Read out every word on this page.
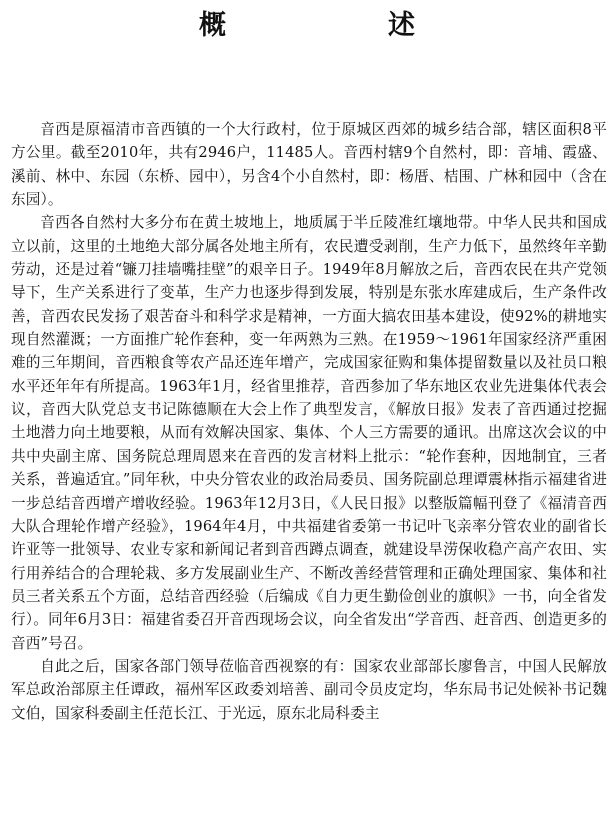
概　　述

音西是原福清市音西镇的一个大行政村，位于原城区西郊的城乡结合部，辖区面积8平方公里。截至2010年，共有2946户，11485人。音西村辖9个自然村，即：音埔、霞盛、溪前、林中、东园（东桥、园中），另含4个小自然村，即：杨厝、桔围、广林和园中（含在东园）。

音西各自然村大多分布在黄土坡地上，地质属于半丘陵准红壤地带。中华人民共和国成立以前，这里的土地绝大部分属各处地主所有，农民遭受剥削，生产力低下，虽然终年辛勤劳动，还是过着“镰刀挂墙嘴挂壁”的艰辛日子。1949年8月解放之后，音西农民在共产党领导下，生产关系进行了变革，生产力也逐步得到发展，特别是东张水库建成后，生产条件改善，音西农民发扬了艰苦奋斗和科学求是精神，一方面大搞农田基本建设，使92%的耕地实现自然灌溉；一方面推广轮作套种，变一年两熟为三熟。在1959～1961年国家经济严重困难的三年期间，音西粮食等农产品还连年增产，完成国家征购和集体提留数量以及社员口粮水平还年年有所提高。1963年1月，经省里推荐，音西参加了华东地区农业先进集体代表会议，音西大队党总支书记陈德顺在大会上作了典型发言，《解放日报》发表了音西通过挖掘土地潜力向土地要粮，从而有效解决国家、集体、个人三方需要的通讯。出席这次会议的中共中央副主席、国务院总理周恩来在音西的发言材料上批示：“轮作套种，因地制宜，三者关系，普遍适宜。”同年秋，中央分管农业的政治局委员、国务院副总理谭震林指示福建省进一步总结音西增产增收经验。1963年12月3日，《人民日报》以整版篇幅刊登了《福清音西大队合理轮作增产经验》，1964年4月，中共福建省委第一书记叶飞亲率分管农业的副省长许亚等一批领导、农业专家和新闻记者到音西蹲点调查，就建设旱涝保收稳产高产农田、实行用养结合的合理轮栽、多方发展副业生产、不断改善经营管理和正确处理国家、集体和社员三者关系五个方面，总结音西经验（后编成《自力更生勤俭创业的旗帜》一书，向全省发行）。同年6月3日：福建省委召开音西现场会议，向全省发出“学音西、赶音西、创造更多的音西”号召。

自此之后，国家各部门领导莅临音西视察的有：国家农业部部长廖鲁言，中国人民解放军总政治部原主任谭政，福州军区政委刘培善、副司令员皮定均，华东局书记处候补书记魏文伯，国家科委副主任范长江、于光远，原东北局科委主
